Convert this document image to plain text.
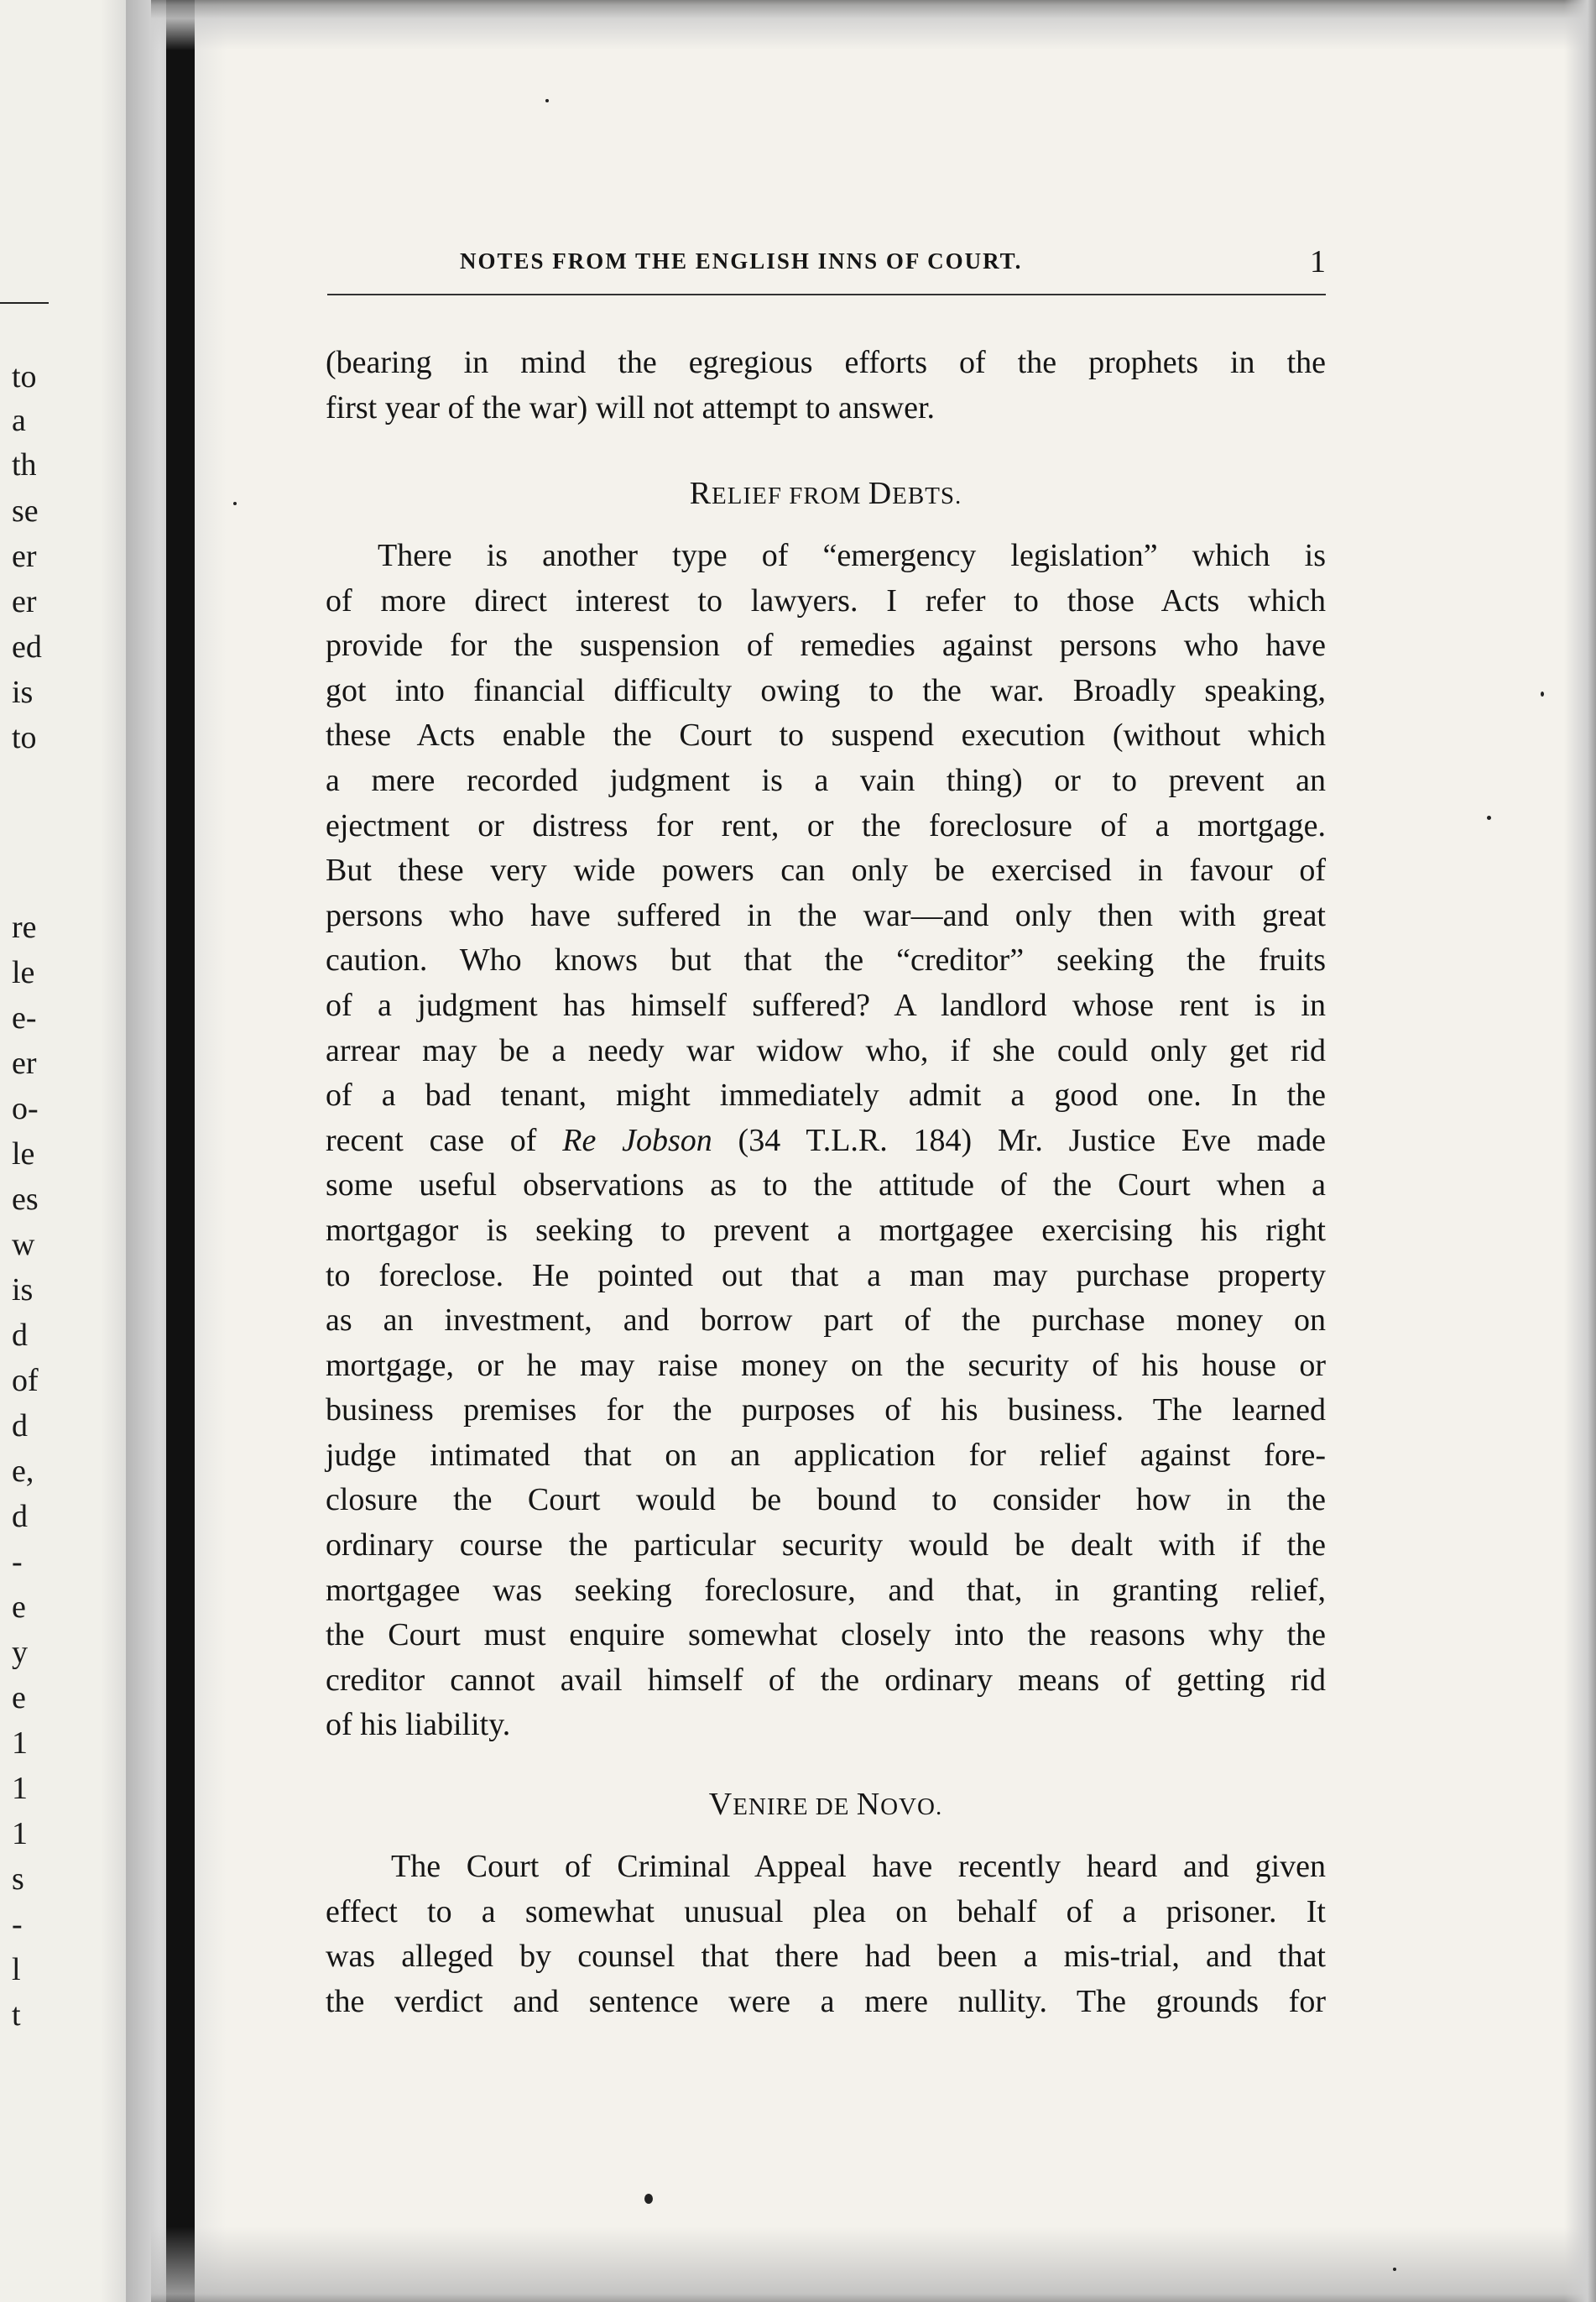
to
a
th
se
er
er
ed
is
to
re
le
e-
er
o-
le
es
w
is
d
of
d
e,
d
-
e
y
e
1
1
1
s
-
l
t
NOTES FROM THE ENGLISH INNS OF COURT.	1
(bearing in mind the egregious efforts of the prophets in the
first year of the war) will not attempt to answer.
RELIEF FROM DEBTS.
There is another type of “emergency legislation” which is
of more direct interest to lawyers. I refer to those Acts which
provide for the suspension of remedies against persons who have
got into financial difficulty owing to the war. Broadly speaking,
these Acts enable the Court to suspend execution (without which
a mere recorded judgment is a vain thing) or to prevent an
ejectment or distress for rent, or the foreclosure of a mortgage.
But these very wide powers can only be exercised in favour of
persons who have suffered in the war—and only then with great
caution. Who knows but that the “creditor” seeking the fruits
of a judgment has himself suffered? A landlord whose rent is in
arrear may be a needy war widow who, if she could only get rid
of a bad tenant, might immediately admit a good one. In the
recent case of Re Jobson (34 T.L.R. 184) Mr. Justice Eve made
some useful observations as to the attitude of the Court when a
mortgagor is seeking to prevent a mortgagee exercising his right
to foreclose. He pointed out that a man may purchase property
as an investment, and borrow part of the purchase money on
mortgage, or he may raise money on the security of his house or
business premises for the purposes of his business. The learned
judge intimated that on an application for relief against fore-
closure the Court would be bound to consider how in the
ordinary course the particular security would be dealt with if the
mortgagee was seeking foreclosure, and that, in granting relief,
the Court must enquire somewhat closely into the reasons why the
creditor cannot avail himself of the ordinary means of getting rid
of his liability.
VENIRE DE NOVO.
The Court of Criminal Appeal have recently heard and given
effect to a somewhat unusual plea on behalf of a prisoner. It
was alleged by counsel that there had been a mis-trial, and that
the verdict and sentence were a mere nullity. The grounds for
